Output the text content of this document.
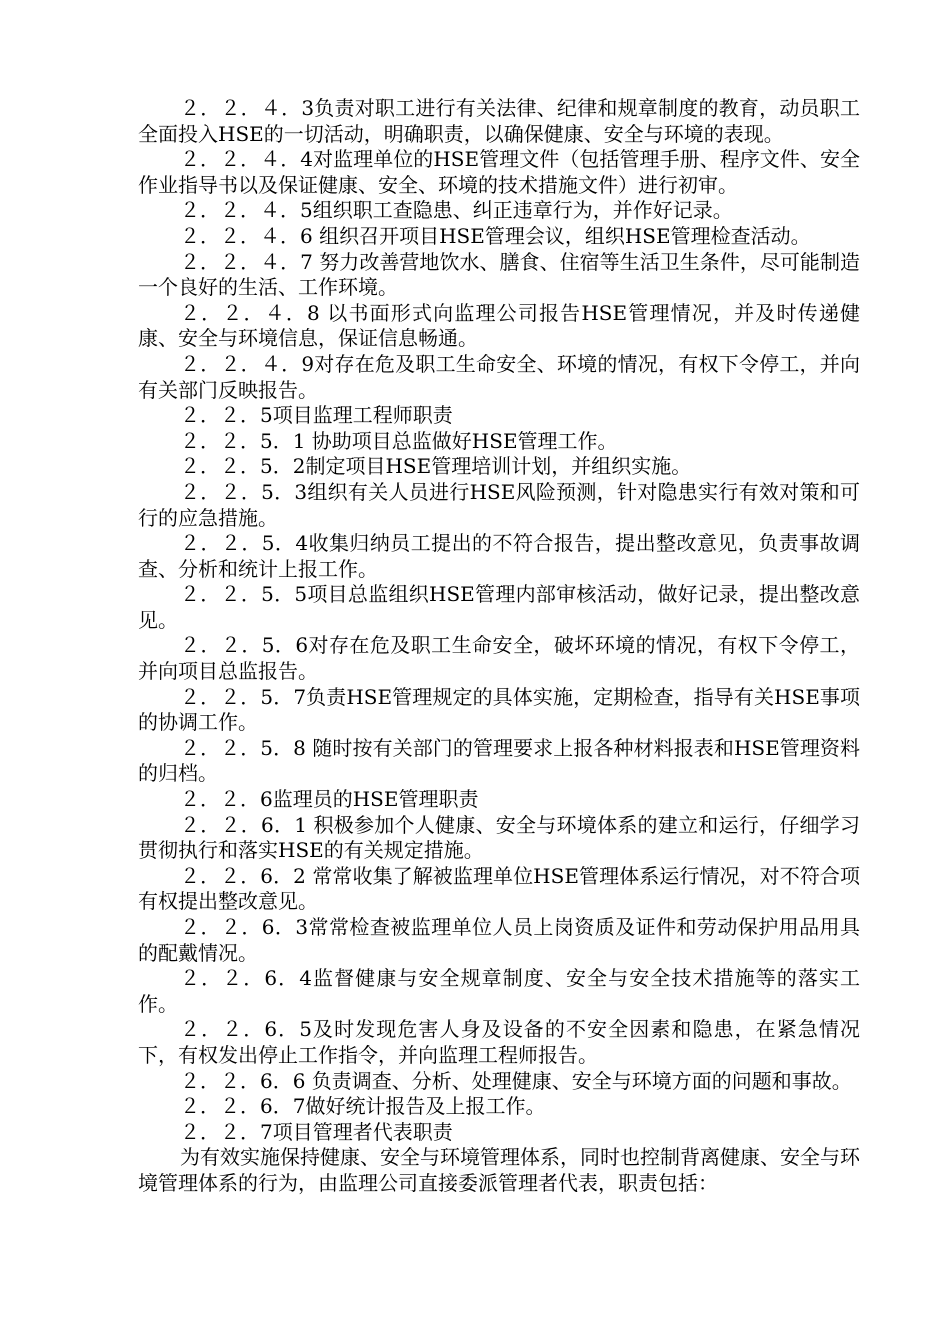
２．２．４．3负责对职工进行有关法律、纪律和规章制度的教育，动员职工全面投入HSE的一切活动，明确职责，以确保健康、安全与环境的表现。

２．２．４．4对监理单位的HSE管理文件（包括管理手册、程序文件、安全作业指导书以及保证健康、安全、环境的技术措施文件）进行初审。

２．２．４．5组织职工查隐患、纠正违章行为，并作好记录。

２．２．４．6 组织召开项目HSE管理会议，组织HSE管理检查活动。

２．２．４．7 努力改善营地饮水、膳食、住宿等生活卫生条件，尽可能制造一个良好的生活、工作环境。

２．２．４．8 以书面形式向监理公司报告HSE管理情况，并及时传递健康、安全与环境信息，保证信息畅通。

２．２．４．9对存在危及职工生命安全、环境的情况，有权下令停工，并向有关部门反映报告。

２．２．5项目监理工程师职责

２．２．5．1 协助项目总监做好HSE管理工作。

２．２．5．2制定项目HSE管理培训计划，并组织实施。

２．２．5．3组织有关人员进行HSE风险预测，针对隐患实行有效对策和可行的应急措施。

２．２．5．4收集归纳员工提出的不符合报告，提出整改意见，负责事故调查、分析和统计上报工作。

２．２．5．5项目总监组织HSE管理内部审核活动，做好记录，提出整改意见。

２．２．5．6对存在危及职工生命安全，破坏环境的情况，有权下令停工，并向项目总监报告。

２．２．5．7负责HSE管理规定的具体实施，定期检查，指导有关HSE事项的协调工作。

２．２．5．8 随时按有关部门的管理要求上报各种材料报表和HSE管理资料的归档。

２．２．6监理员的HSE管理职责

２．２．6．1 积极参加个人健康、安全与环境体系的建立和运行，仔细学习贯彻执行和落实HSE的有关规定措施。

２．２．6．2 常常收集了解被监理单位HSE管理体系运行情况，对不符合项有权提出整改意见。

２．２．6．3常常检查被监理单位人员上岗资质及证件和劳动保护用品用具的配戴情况。

２．２．6．4监督健康与安全规章制度、安全与安全技术措施等的落实工作。

２．２．6．5及时发现危害人身及设备的不安全因素和隐患，在紧急情况下，有权发出停止工作指令，并向监理工程师报告。

２．２．6．6 负责调查、分析、处理健康、安全与环境方面的问题和事故。

２．２．6．7做好统计报告及上报工作。

２．２．7项目管理者代表职责

为有效实施保持健康、安全与环境管理体系，同时也控制背离健康、安全与环境管理体系的行为，由监理公司直接委派管理者代表，职责包括：
